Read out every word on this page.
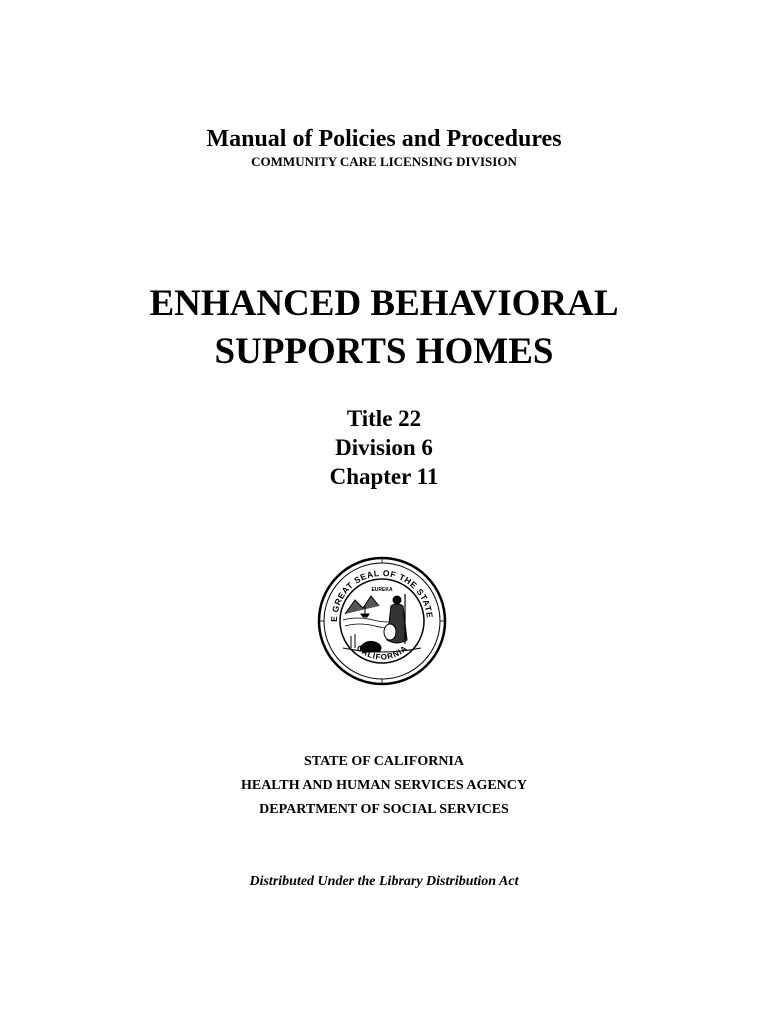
Manual of Policies and Procedures
COMMUNITY CARE LICENSING DIVISION
ENHANCED BEHAVIORAL
SUPPORTS HOMES
Title 22
Division 6
Chapter 11
E GREAT SEAL OF THE STATE
EUREKA
CALIFORNIA
STATE OF CALIFORNIA
HEALTH AND HUMAN SERVICES AGENCY
DEPARTMENT OF SOCIAL SERVICES
Distributed Under the Library Distribution Act
